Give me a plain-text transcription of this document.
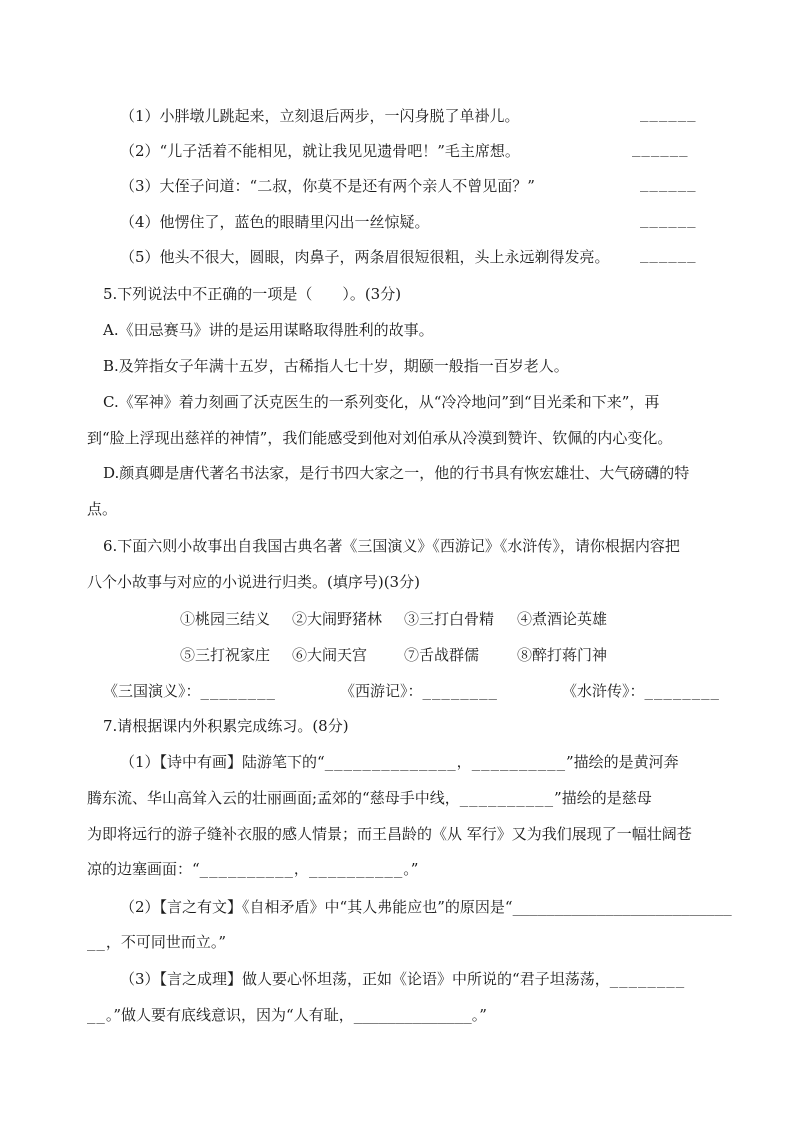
（1）小胖墩儿跳起来，立刻退后两步，一闪身脱了单褂儿。	______
（2）“儿子活着不能相见，就让我见见遗骨吧！”毛主席想。	______
（3）大侄子问道：“二叔，你莫不是还有两个亲人不曾见面？”	______
（4）他愣住了，蓝色的眼睛里闪出一丝惊疑。	______
（5）他头不很大，圆眼，肉鼻子，两条眉很短很粗，头上永远剃得发亮。	______
5.下列说法中不正确的一项是（　　）。(3分)
A.《田忌赛马》讲的是运用谋略取得胜利的故事。
B.及笄指女子年满十五岁，古稀指人七十岁，期颐一般指一百岁老人。
C.《军神》着力刻画了沃克医生的一系列变化，从“冷冷地问”到“目光柔和下来”，再
到“脸上浮现出慈祥的神情”，我们能感受到他对刘伯承从冷漠到赞许、钦佩的内心变化。
D.颜真卿是唐代著名书法家，是行书四大家之一，他的行书具有恢宏雄壮、大气磅礴的特
点。
6.下面六则小故事出自我国古典名著《三国演义》《西游记》《水浒传》，请你根据内容把
八个小故事与对应的小说进行归类。(填序号)(3分)
①桃园三结义 ②大闹野猪林 ③三打白骨精 ④煮酒论英雄
⑤三打祝家庄 ⑥大闹天宫 ⑦舌战群儒	⑧醉打蒋门神
《三国演义》：________	《西游记》：________	《水浒传》：________
7.请根据课内外积累完成练习。(8分)
（1）【诗中有画】陆游笔下的“______________，__________”描绘的是黄河奔
腾东流、华山高耸入云的壮丽画面;孟郊的“慈母手中线，__________”描绘的是慈母
为即将远行的游子缝补衣服的感人情景；而王昌龄的《从 军行》又为我们展现了一幅壮阔苍
凉的边塞画面：“__________，__________。”
（2）【言之有文】《自相矛盾》中“其人弗能应也”的原因是“__________________________
__，不可同世而立。”
（3）【言之成理】做人要心怀坦荡，正如《论语》中所说的“君子坦荡荡，________
__。”做人要有底线意识，因为“人有耻，______________。”
